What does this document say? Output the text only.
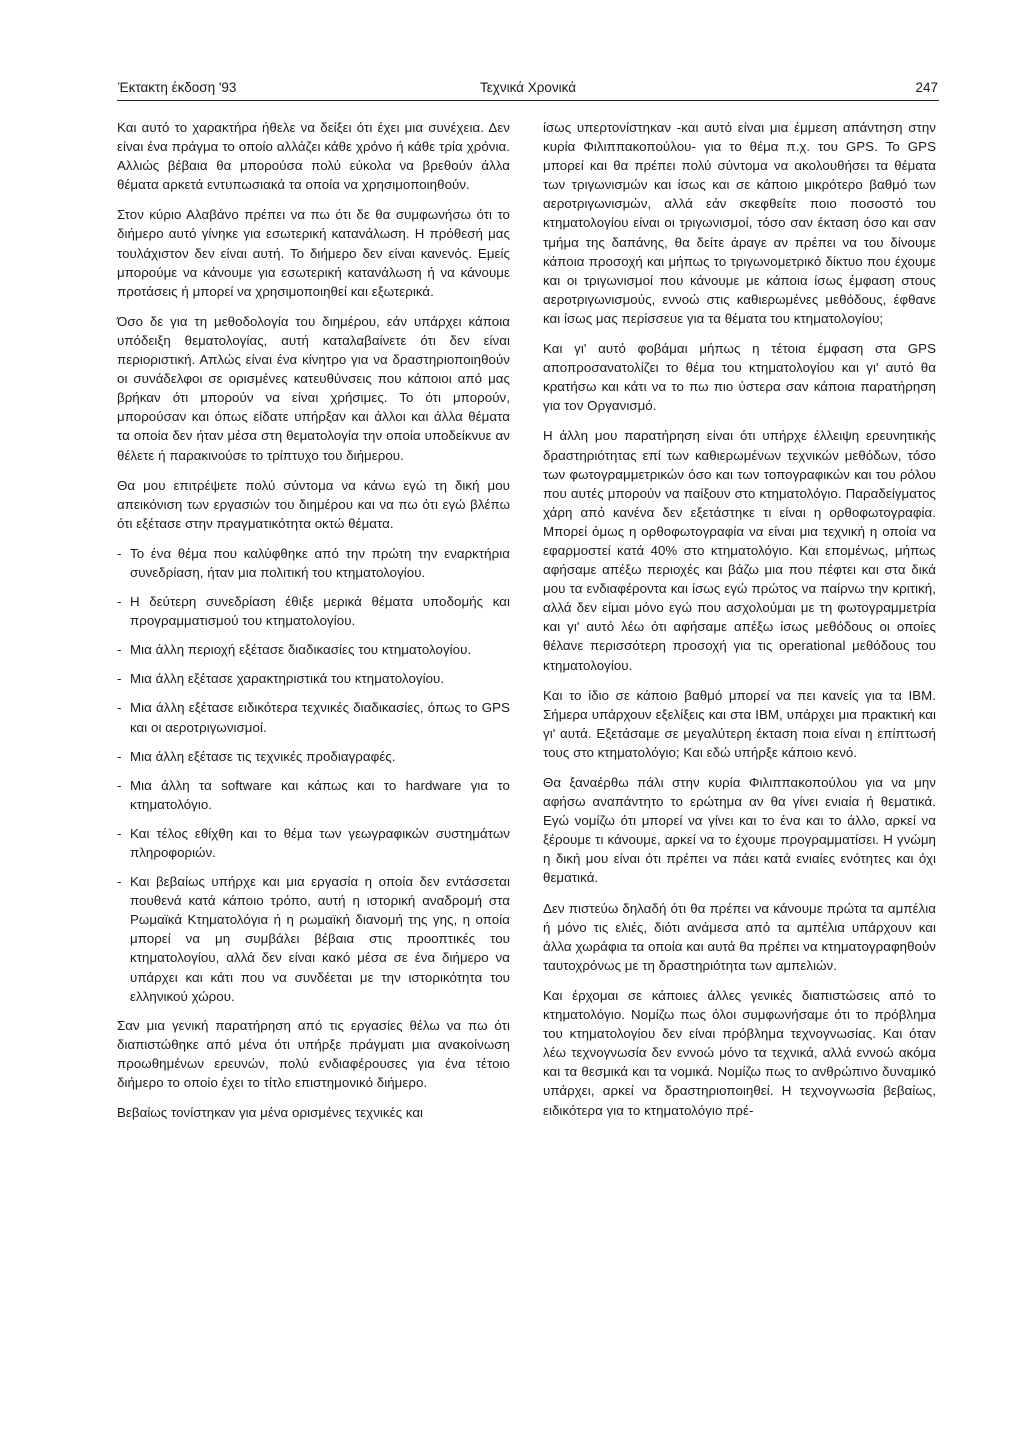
Έκτακτη έκδοση '93	Τεχνικά Χρονικά	247

Και αυτό το χαρακτήρα ήθελε να δείξει ότι έχει μια συνέχεια. Δεν είναι ένα πράγμα το οποίο αλλάζει κάθε χρόνο ή κάθε τρία χρόνια. Αλλιώς βέβαια θα μπορούσα πολύ εύκολα να βρεθούν άλλα θέματα αρκετά εντυπωσιακά τα οποία να χρησιμοποιηθούν.

Στον κύριο Αλαβάνο πρέπει να πω ότι δε θα συμφωνήσω ότι το διήμερο αυτό γίνηκε για εσωτερική κατανάλωση. Η πρόθεσή μας τουλάχιστον δεν είναι αυτή. Το διήμερο δεν είναι κανενός. Εμείς μπορούμε να κάνουμε για εσωτερική κατανάλωση ή να κάνουμε προτάσεις ή μπορεί να χρησιμοποιηθεί και εξωτερικά.

Όσο δε για τη μεθοδολογία του διημέρου, εάν υπάρχει κάποια υπόδειξη θεματολογίας, αυτή καταλαβαίνετε ότι δεν είναι περιοριστική. Απλώς είναι ένα κίνητρο για να δραστηριοποιηθούν οι συνάδελφοι σε ορισμένες κατευθύνσεις που κάποιοι από μας βρήκαν ότι μπορούν να είναι χρήσιμες. Το ότι μπορούν, μπορούσαν και όπως είδατε υπήρξαν και άλλοι και άλλα θέματα τα οποία δεν ήταν μέσα στη θεματολογία την οποία υποδείκνυε αν θέλετε ή παρακινούσε το τρίπτυχο του διήμερου.

Θα μου επιτρέψετε πολύ σύντομα να κάνω εγώ τη δική μου απεικόνιση των εργασιών του διημέρου και να πω ότι εγώ βλέπω ότι εξέτασε στην πραγματικότητα οκτώ θέματα.

- Το ένα θέμα που καλύφθηκε από την πρώτη την εναρκτήρια συνεδρίαση, ήταν μια πολιτική του κτηματολογίου.
- Η δεύτερη συνεδρίαση έθιξε μερικά θέματα υποδομής και προγραμματισμού του κτηματολογίου.
- Μια άλλη περιοχή εξέτασε διαδικασίες του κτηματολογίου.
- Μια άλλη εξέτασε χαρακτηριστικά του κτηματολογίου.
- Μια άλλη εξέτασε ειδικότερα τεχνικές διαδικασίες, όπως το GPS και οι αεροτριγωνισμοί.
- Μια άλλη εξέτασε τις τεχνικές προδιαγραφές.
- Μια άλλη τα software και κάπως και το hardware για το κτηματολόγιο.
- Και τέλος εθίχθη και το θέμα των γεωγραφικών συστημάτων πληροφοριών.
- Και βεβαίως υπήρχε και μια εργασία η οποία δεν εντάσσεται πουθενά κατά κάποιο τρόπο, αυτή η ιστορική αναδρομή στα Ρωμαϊκά Κτηματολόγια ή η ρωμαϊκή διανομή της γης, η οποία μπορεί να μη συμβάλει βέβαια στις προοπτικές του κτηματολογίου, αλλά δεν είναι κακό μέσα σε ένα διήμερο να υπάρχει και κάτι που να συνδέεται με την ιστορικότητα του ελληνικού χώρου.

Σαν μια γενική παρατήρηση από τις εργασίες θέλω να πω ότι διαπιστώθηκε από μένα ότι υπήρξε πράγματι μια ανακοίνωση προωθημένων ερευνών, πολύ ενδιαφέρουσες για ένα τέτοιο διήμερο το οποίο έχει το τίτλο επιστημονικό διήμερο.

Βεβαίως τονίστηκαν για μένα ορισμένες τεχνικές και

ίσως υπερτονίστηκαν -και αυτό είναι μια έμμεση απάντηση στην κυρία Φιλιππακοπούλου- για το θέμα π.χ. του GPS. Το GPS μπορεί και θα πρέπει πολύ σύντομα να ακολουθήσει τα θέματα των τριγωνισμών και ίσως και σε κάποιο μικρότερο βαθμό των αεροτριγωνισμών, αλλά εάν σκεφθείτε ποιο ποσοστό του κτηματολογίου είναι οι τριγωνισμοί, τόσο σαν έκταση όσο και σαν τμήμα της δαπάνης, θα δείτε άραγε αν πρέπει να του δίνουμε κάποια προσοχή και μήπως το τριγωνομετρικό δίκτυο που έχουμε και οι τριγωνισμοί που κάνουμε με κάποια ίσως έμφαση στους αεροτριγωνισμούς, εννοώ στις καθιερωμένες μεθόδους, έφθανε και ίσως μας περίσσευε για τα θέματα του κτηματολογίου;

Και γι' αυτό φοβάμαι μήπως η τέτοια έμφαση στα GPS αποπροσανατολίζει το θέμα του κτηματολογίου και γι' αυτό θα κρατήσω και κάτι να το πω πιο ύστερα σαν κάποια παρατήρηση για τον Οργανισμό.

Η άλλη μου παρατήρηση είναι ότι υπήρχε έλλειψη ερευνητικής δραστηριότητας επί των καθιερωμένων τεχνικών μεθόδων, τόσο των φωτογραμμετρικών όσο και των τοπογραφικών και του ρόλου που αυτές μπορούν να παίξουν στο κτηματολόγιο. Παραδείγματος χάρη από κανένα δεν εξετάστηκε τι είναι η ορθοφωτογραφία. Μπορεί όμως η ορθοφωτογραφία να είναι μια τεχνική η οποία να εφαρμοστεί κατά 40% στο κτηματολόγιο. Και επομένως, μήπως αφήσαμε απέξω περιοχές και βάζω μια που πέφτει και στα δικά μου τα ενδιαφέροντα και ίσως εγώ πρώτος να παίρνω την κριτική, αλλά δεν είμαι μόνο εγώ που ασχολούμαι με τη φωτογραμμετρία και γι' αυτό λέω ότι αφήσαμε απέξω ίσως μεθόδους οι οποίες θέλανε περισσότερη προσοχή για τις operational μεθόδους του κτηματολογίου.

Και το ίδιο σε κάποιο βαθμό μπορεί να πει κανείς για τα IBM. Σήμερα υπάρχουν εξελίξεις και στα IBM, υπάρχει μια πρακτική και γι' αυτά. Εξετάσαμε σε μεγαλύτερη έκταση ποια είναι η επίπτωσή τους στο κτηματολόγιο; Και εδώ υπήρξε κάποιο κενό.

Θα ξαναέρθω πάλι στην κυρία Φιλιππακοπούλου για να μην αφήσω αναπάντητο το ερώτημα αν θα γίνει ενιαία ή θεματικά. Εγώ νομίζω ότι μπορεί να γίνει και το ένα και το άλλο, αρκεί να ξέρουμε τι κάνουμε, αρκεί να το έχουμε προγραμματίσει. Η γνώμη η δική μου είναι ότι πρέπει να πάει κατά ενιαίες ενότητες και όχι θεματικά.

Δεν πιστεύω δηλαδή ότι θα πρέπει να κάνουμε πρώτα τα αμπέλια ή μόνο τις ελιές, διότι ανάμεσα από τα αμπέλια υπάρχουν και άλλα χωράφια τα οποία και αυτά θα πρέπει να κτηματογραφηθούν ταυτοχρόνως με τη δραστηριότητα των αμπελιών.

Και έρχομαι σε κάποιες άλλες γενικές διαπιστώσεις από το κτηματολόγιο. Νομίζω πως όλοι συμφωνήσαμε ότι το πρόβλημα του κτηματολογίου δεν είναι πρόβλημα τεχνογνωσίας. Και όταν λέω τεχνογνωσία δεν εννοώ μόνο τα τεχνικά, αλλά εννοώ ακόμα και τα θεσμικά και τα νομικά. Νομίζω πως το ανθρώπινο δυναμικό υπάρχει, αρκεί να δραστηριοποιηθεί. Η τεχνογνωσία βεβαίως, ειδικότερα για το κτηματολόγιο πρέ-
